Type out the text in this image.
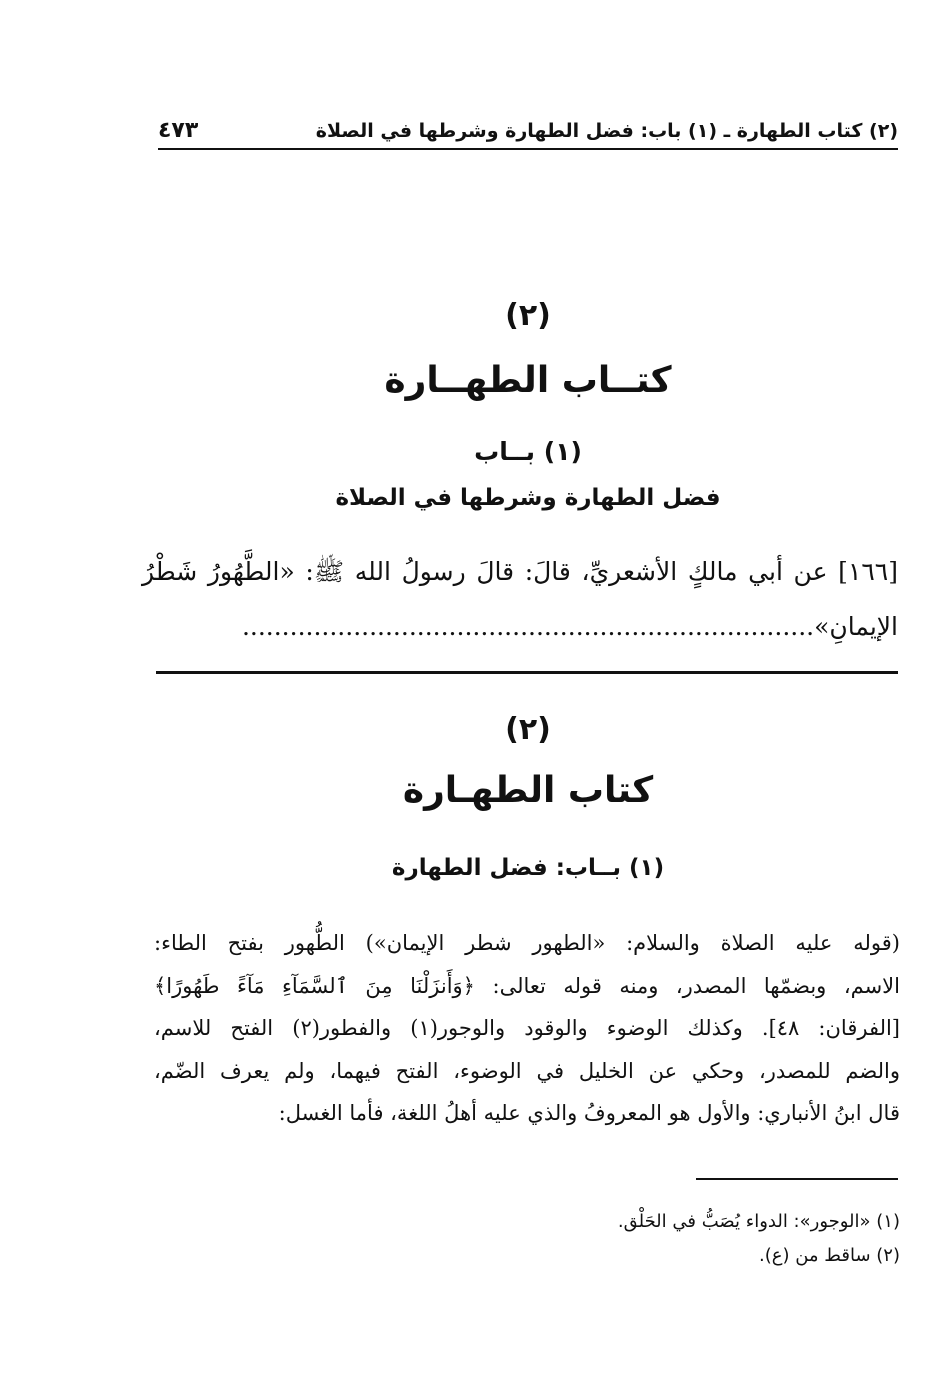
(٢) كتاب الطهارة ـ (١) باب: فضل الطهارة وشرطها في الصلاة
٤٧٣
(٢)
كتــاب الطهــارة
(١) بــاب
فضل الطهارة وشرطها في الصلاة
[١٦٦] عن أبي مالكٍ الأشعريِّ، قالَ: قالَ رسولُ الله ﷺ: «الطَّهُورُ شَطْرُ الإيمانِ»........................................................................
(٢)
كتاب الطهـارة
(١) بــاب: فضل الطهارة

(قوله عليه الصلاة والسلام: «الطهور شطر الإيمان») الطُّهور بفتح الطاء:

الاسم، وبضمّها المصدر، ومنه قوله تعالى: ﴿وَأَنزَلْنَا مِنَ ٱلسَّمَآءِ مَآءً طَهُورًا﴾

[الفرقان: ٤٨]. وكذلك الوضوء والوقود والوجور(١) والفطور(٢) الفتح للاسم،

والضم للمصدر، وحكي عن الخليل في الوضوء، الفتح فيهما، ولم يعرف الضّم،

قال ابنُ الأنباري: والأول هو المعروفُ والذي عليه أهلُ اللغة، فأما الغسل:

(١) «الوجور»: الدواء يُصَبُّ في الحَلْق.
(٢) ساقط من (ع).
